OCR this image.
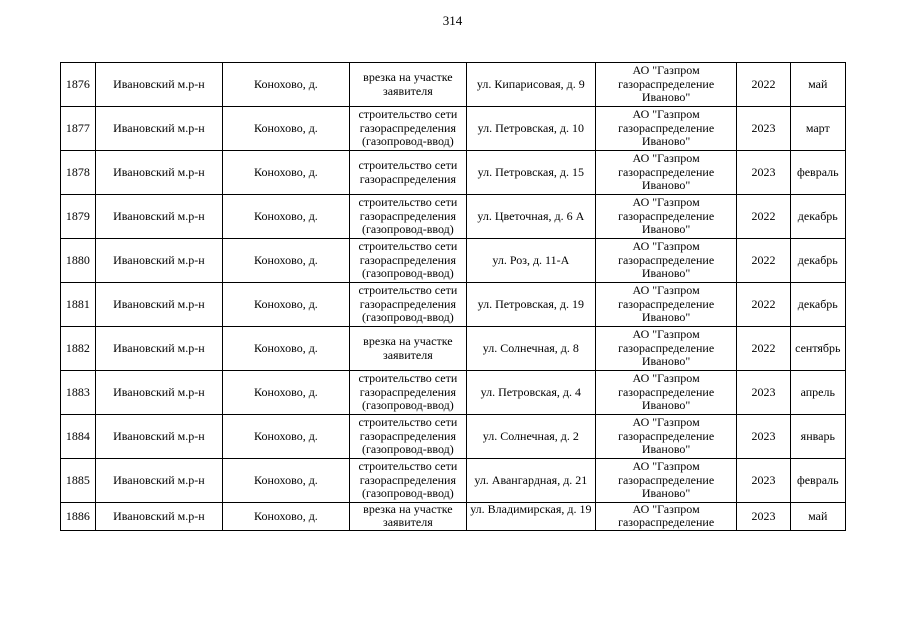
314
1876	Ивановский м.р-н	Конохово, д.	врезка на участке заявителя	ул. Кипарисовая, д. 9	АО "Газпром газораспределение Иваново"	2022	май
1877	Ивановский м.р-н	Конохово, д.	строительство сети газораспределения (газопровод-ввод)	ул. Петровская, д. 10	АО "Газпром газораспределение Иваново"	2023	март
1878	Ивановский м.р-н	Конохово, д.	строительство сети газораспределения	ул. Петровская, д. 15	АО "Газпром газораспределение Иваново"	2023	февраль
1879	Ивановский м.р-н	Конохово, д.	строительство сети газораспределения (газопровод-ввод)	ул. Цветочная, д. 6 А	АО "Газпром газораспределение Иваново"	2022	декабрь
1880	Ивановский м.р-н	Конохово, д.	строительство сети газораспределения (газопровод-ввод)	ул. Роз, д. 11-А	АО "Газпром газораспределение Иваново"	2022	декабрь
1881	Ивановский м.р-н	Конохово, д.	строительство сети газораспределения (газопровод-ввод)	ул. Петровская, д. 19	АО "Газпром газораспределение Иваново"	2022	декабрь
1882	Ивановский м.р-н	Конохово, д.	врезка на участке заявителя	ул. Солнечная, д. 8	АО "Газпром газораспределение Иваново"	2022	сентябрь
1883	Ивановский м.р-н	Конохово, д.	строительство сети газораспределения (газопровод-ввод)	ул. Петровская, д. 4	АО "Газпром газораспределение Иваново"	2023	апрель
1884	Ивановский м.р-н	Конохово, д.	строительство сети газораспределения (газопровод-ввод)	ул. Солнечная, д. 2	АО "Газпром газораспределение Иваново"	2023	январь
1885	Ивановский м.р-н	Конохово, д.	строительство сети газораспределения (газопровод-ввод)	ул. Авангардная, д. 21	АО "Газпром газораспределение Иваново"	2023	февраль
1886	Ивановский м.р-н	Конохово, д.	врезка на участке заявителя	ул. Владимирская, д. 19	АО "Газпром газораспределение	2023	май
